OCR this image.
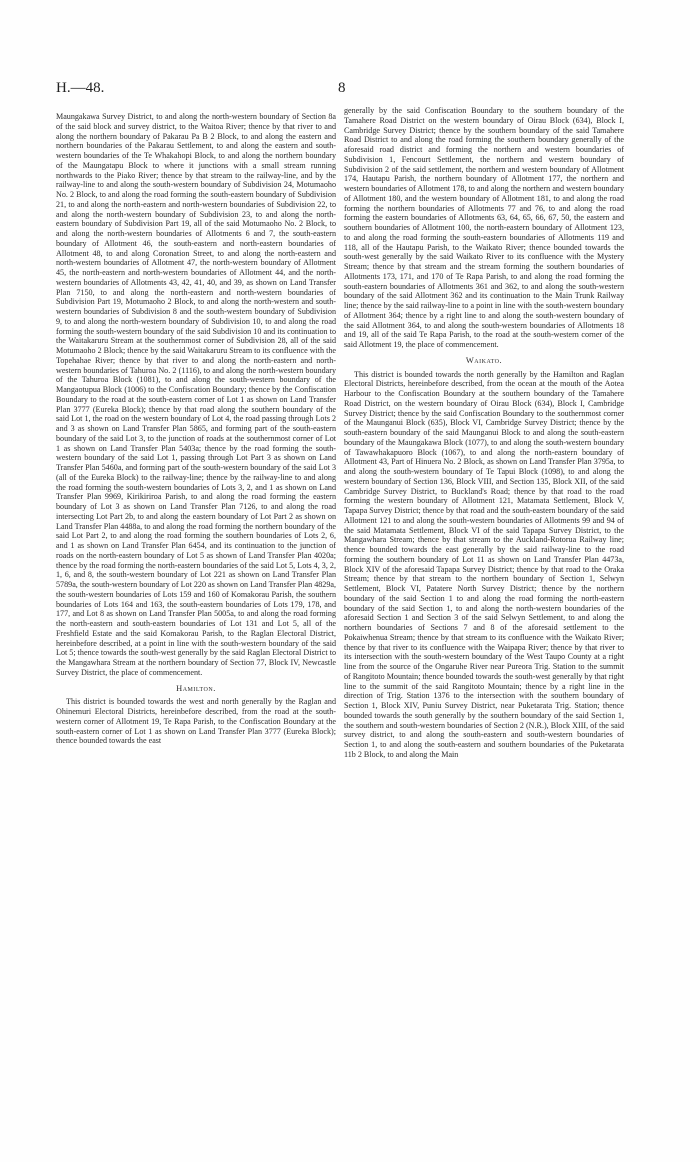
H.—48.	8

Maungakawa Survey District, to and along the north-western boundary of Section 8a of the said block and survey district, to the Waitoa River; thence by that river to and along the northern boundary of Pakarau Pa B 2 Block, to and along the eastern and northern boundaries of the Pakarau Settlement, to and along the eastern and south-western boundaries of the Te Whakahopi Block, to and along the northern boundary of the Maungatapu Block to where it junctions with a small stream running northwards to the Piako River; thence by that stream to the railway-line, and by the railway-line to and along the south-western boundary of Subdivision 24, Motumaoho No. 2 Block, to and along the road forming the south-eastern boundary of Subdivision 21, to and along the north-eastern and north-western boundaries of Subdivision 22, to and along the north-western boundary of Subdivision 23, to and along the north-eastern boundary of Subdivision Part 19, all of the said Motumaoho No. 2 Block, to and along the north-western boundaries of Allotments 6 and 7, the south-eastern boundary of Allotment 46, the south-eastern and north-eastern boundaries of Allotment 48, to and along Coronation Street, to and along the north-eastern and north-western boundaries of Allotment 47, the north-western boundary of Allotment 45, the north-eastern and north-western boundaries of Allotment 44, and the north-western boundaries of Allotments 43, 42, 41, 40, and 39, as shown on Land Transfer Plan 7150, to and along the north-eastern and north-western boundaries of Subdivision Part 19, Motumaoho 2 Block, to and along the north-western and south-western boundaries of Subdivision 8 and the south-western boundary of Subdivision 9, to and along the north-western boundary of Subdivision 10, to and along the road forming the south-western boundary of the said Subdivision 10 and its continuation to the Waitakaruru Stream at the southernmost corner of Subdivision 28, all of the said Motumaoho 2 Block; thence by the said Waitakaruru Stream to its confluence with the Topehahae River; thence by that river to and along the north-eastern and north-western boundaries of Tahuroa No. 2 (1116), to and along the north-western boundary of the Tahuroa Block (1081), to and along the south-western boundary of the Mangaotupua Block (1006) to the Confiscation Boundary; thence by the Confiscation Boundary to the road at the south-eastern corner of Lot 1 as shown on Land Transfer Plan 3777 (Eureka Block); thence by that road along the southern boundary of the said Lot 1, the road on the western boundary of Lot 4, the road passing through Lots 2 and 3 as shown on Land Transfer Plan 5865, and forming part of the south-eastern boundary of the said Lot 3, to the junction of roads at the southernmost corner of Lot 1 as shown on Land Transfer Plan 5403a; thence by the road forming the south-western boundary of the said Lot 1, passing through Lot Part 3 as shown on Land Transfer Plan 5460a, and forming part of the south-western boundary of the said Lot 3 (all of the Eureka Block) to the railway-line; thence by the railway-line to and along the road forming the south-western boundaries of Lots 3, 2, and 1 as shown on Land Transfer Plan 9969, Kirikiriroa Parish, to and along the road forming the eastern boundary of Lot 3 as shown on Land Transfer Plan 7126, to and along the road intersecting Lot Part 2b, to and along the eastern boundary of Lot Part 2 as shown on Land Transfer Plan 4488a, to and along the road forming the northern boundary of the said Lot Part 2, to and along the road forming the southern boundaries of Lots 2, 6, and 1 as shown on Land Transfer Plan 6454, and its continuation to the junction of roads on the north-eastern boundary of Lot 5 as shown of Land Transfer Plan 4020a; thence by the road forming the north-eastern boundaries of the said Lot 5, Lots 4, 3, 2, 1, 6, and 8, the south-western boundary of Lot 221 as shown on Land Transfer Plan 5789a, the south-western boundary of Lot 220 as shown on Land Transfer Plan 4829a, the south-western boundaries of Lots 159 and 160 of Komakorau Parish, the southern boundaries of Lots 164 and 163, the south-eastern boundaries of Lots 179, 178, and 177, and Lot 8 as shown on Land Transfer Plan 5005a, to and along the road forming the north-eastern and south-eastern boundaries of Lot 131 and Lot 5, all of the Freshfield Estate and the said Komakorau Parish, to the Raglan Electoral District, hereinbefore described, at a point in line with the south-western boundary of the said Lot 5; thence towards the south-west generally by the said Raglan Electoral District to the Mangawhara Stream at the northern boundary of Section 77, Block IV, Newcastle Survey District, the place of commencement.

Hamilton.

This district is bounded towards the west and north generally by the Raglan and Ohinemuri Electoral Districts, hereinbefore described, from the road at the south-western corner of Allotment 19, Te Rapa Parish, to the Confiscation Boundary at the south-eastern corner of Lot 1 as shown on Land Transfer Plan 3777 (Eureka Block); thence bounded towards the east

generally by the said Confiscation Boundary to the southern boundary of the Tamahere Road District on the western boundary of Oirau Block (634), Block I, Cambridge Survey District; thence by the southern boundary of the said Tamahere Road District to and along the road forming the southern boundary generally of the aforesaid road district and forming the northern and western boundaries of Subdivision 1, Fencourt Settlement, the northern and western boundary of Subdivision 2 of the said settlement, the northern and western boundary of Allotment 174, Hautapu Parish, the northern boundary of Allotment 177, the northern and western boundaries of Allotment 178, to and along the northern and western boundary of Allotment 180, and the western boundary of Allotment 181, to and along the road forming the northern boundaries of Allotments 77 and 76, to and along the road forming the eastern boundaries of Allotments 63, 64, 65, 66, 67, 50, the eastern and southern boundaries of Allotment 100, the north-eastern boundary of Allotment 123, to and along the road forming the south-eastern boundaries of Allotments 119 and 118, all of the Hautapu Parish, to the Waikato River; thence bounded towards the south-west generally by the said Waikato River to its confluence with the Mystery Stream; thence by that stream and the stream forming the southern boundaries of Allotments 173, 171, and 170 of Te Rapa Parish, to and along the road forming the south-eastern boundaries of Allotments 361 and 362, to and along the south-western boundary of the said Allotment 362 and its continuation to the Main Trunk Railway line; thence by the said railway-line to a point in line with the south-western boundary of Allotment 364; thence by a right line to and along the south-western boundary of the said Allotment 364, to and along the south-western boundaries of Allotments 18 and 19, all of the said Te Rapa Parish, to the road at the south-western corner of the said Allotment 19, the place of commencement.

Waikato.

This district is bounded towards the north generally by the Hamilton and Raglan Electoral Districts, hereinbefore described, from the ocean at the mouth of the Aotea Harbour to the Confiscation Boundary at the southern boundary of the Tamahere Road District, on the western boundary of Oirau Block (634), Block I, Cambridge Survey District; thence by the said Confiscation Boundary to the southernmost corner of the Maunganui Block (635), Block VI, Cambridge Survey District; thence by the south-eastern boundary of the said Maunganui Block to and along the south-eastern boundary of the Maungakawa Block (1077), to and along the south-western boundary of Tawawhakapuoro Block (1067), to and along the north-eastern boundary of Allotment 43, Part of Hinuera No. 2 Block, as shown on Land Transfer Plan 3795a, to and along the south-western boundary of Te Tapui Block (1098), to and along the western boundary of Section 136, Block VIII, and Section 135, Block XII, of the said Cambridge Survey District, to Buckland's Road; thence by that road to the road forming the western boundary of Allotment 121, Matamata Settlement, Block V, Tapapa Survey District; thence by that road and the south-eastern boundary of the said Allotment 121 to and along the south-western boundaries of Allotments 99 and 94 of the said Matamata Settlement, Block VI of the said Tapapa Survey District, to the Mangawhara Stream; thence by that stream to the Auckland-Rotorua Railway line; thence bounded towards the east generally by the said railway-line to the road forming the southern boundary of Lot 11 as shown on Land Transfer Plan 4473a, Block XIV of the aforesaid Tapapa Survey District; thence by that road to the Oraka Stream; thence by that stream to the northern boundary of Section 1, Selwyn Settlement, Block VI, Patatere North Survey District; thence by the northern boundary of the said Section 1 to and along the road forming the north-eastern boundary of the said Section 1, to and along the north-western boundaries of the aforesaid Section 1 and Section 3 of the said Selwyn Settlement, to and along the northern boundaries of Sections 7 and 8 of the aforesaid settlement to the Pokaiwhenua Stream; thence by that stream to its confluence with the Waikato River; thence by that river to its confluence with the Waipapa River; thence by that river to its intersection with the south-western boundary of the West Taupo County at a right line from the source of the Ongaruhe River near Pureora Trig. Station to the summit of Rangitoto Mountain; thence bounded towards the south-west generally by that right line to the summit of the said Rangitoto Mountain; thence by a right line in the direction of Trig. Station 1376 to the intersection with the southern boundary of Section 1, Block XIV, Puniu Survey District, near Puketarata Trig. Station; thence bounded towards the south generally by the southern boundary of the said Section 1, the southern and south-western boundaries of Section 2 (N.R.), Block XIII, of the said survey district, to and along the south-eastern and south-western boundaries of Section 1, to and along the south-eastern and southern boundaries of the Puketarata 11b 2 Block, to and along the Main
